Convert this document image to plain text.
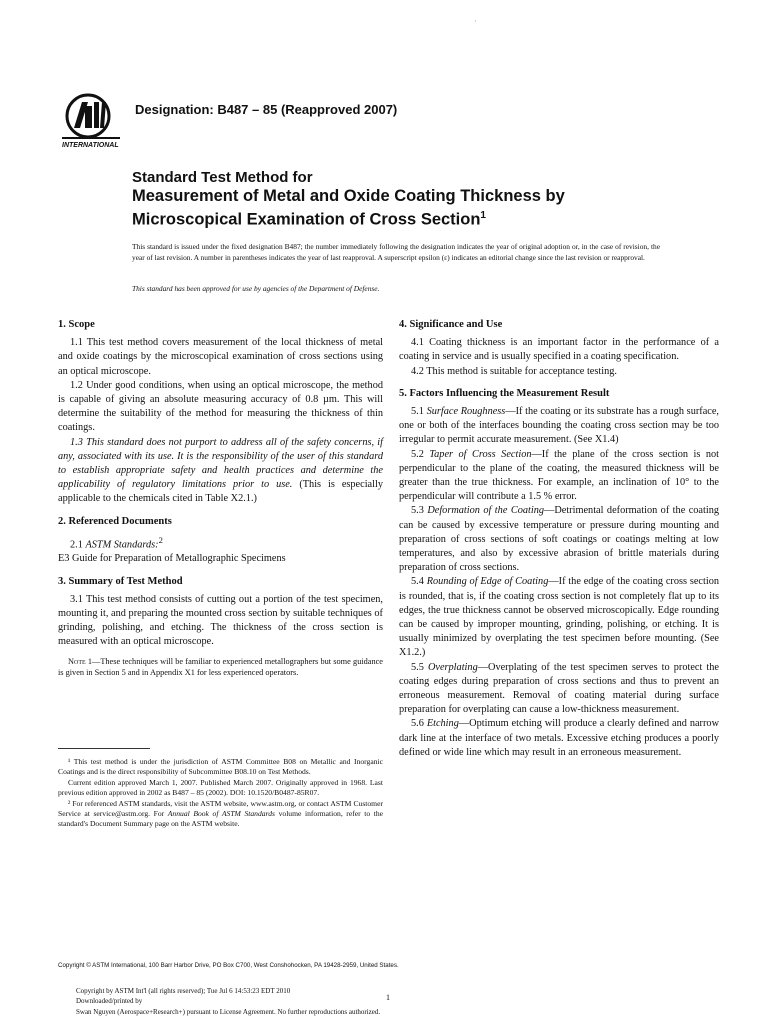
·
INTERNATIONAL
Designation: B487 – 85 (Reapproved 2007)
Standard Test Method for
Measurement of Metal and Oxide Coating Thickness by
Microscopical Examination of Cross Section$^1$
This standard is issued under the fixed designation B487; the number immediately following the designation indicates the year of original adoption or, in the case of revision, the year of last revision. A number in parentheses indicates the year of last reapproval. A superscript epsilon (ε) indicates an editorial change since the last revision or reapproval.
This standard has been approved for use by agencies of the Department of Defense.
1. Scope

1.1 This test method covers measurement of the local thickness of metal and oxide coatings by the microscopical examination of cross sections using an optical microscope.

1.2 Under good conditions, when using an optical microscope, the method is capable of giving an absolute measuring accuracy of 0.8 µm. This will determine the suitability of the method for measuring the thickness of thin coatings.

1.3 This standard does not purport to address all of the safety concerns, if any, associated with its use. It is the responsibility of the user of this standard to establish appropriate safety and health practices and determine the applicability of regulatory limitations prior to use. (This is especially applicable to the chemicals cited in Table X2.1.)

2. Referenced Documents

2.1 ASTM Standards:$^2$

E3 Guide for Preparation of Metallographic Specimens

3. Summary of Test Method

3.1 This test method consists of cutting out a portion of the test specimen, mounting it, and preparing the mounted cross section by suitable techniques of grinding, polishing, and etching. The thickness of the cross section is measured with an optical microscope.

Note 1—These techniques will be familiar to experienced metallographers but some guidance is given in Section 5 and in Appendix X1 for less experienced operators.

¹ This test method is under the jurisdiction of ASTM Committee B08 on Metallic and Inorganic Coatings and is the direct responsibility of Subcommittee B08.10 on Test Methods.

Current edition approved March 1, 2007. Published March 2007. Originally approved in 1968. Last previous edition approved in 2002 as B487 – 85 (2002). DOI: 10.1520/B0487-85R07.

² For referenced ASTM standards, visit the ASTM website, www.astm.org, or contact ASTM Customer Service at service@astm.org. For Annual Book of ASTM Standards volume information, refer to the standard's Document Summary page on the ASTM website.

4. Significance and Use

4.1 Coating thickness is an important factor in the performance of a coating in service and is usually specified in a coating specification.

4.2 This method is suitable for acceptance testing.

5. Factors Influencing the Measurement Result

5.1 Surface Roughness—If the coating or its substrate has a rough surface, one or both of the interfaces bounding the coating cross section may be too irregular to permit accurate measurement. (See X1.4)

5.2 Taper of Cross Section—If the plane of the cross section is not perpendicular to the plane of the coating, the measured thickness will be greater than the true thickness. For example, an inclination of 10° to the perpendicular will contribute a 1.5 % error.

5.3 Deformation of the Coating—Detrimental deformation of the coating can be caused by excessive temperature or pressure during mounting and preparation of cross sections of soft coatings or coatings melting at low temperatures, and also by excessive abrasion of brittle materials during preparation of cross sections.

5.4 Rounding of Edge of Coating—If the edge of the coating cross section is rounded, that is, if the coating cross section is not completely flat up to its edges, the true thickness cannot be observed microscopically. Edge rounding can be caused by improper mounting, grinding, polishing, or etching. It is usually minimized by overplating the test specimen before mounting. (See X1.2.)

5.5 Overplating—Overplating of the test specimen serves to protect the coating edges during preparation of cross sections and thus to prevent an erroneous measurement. Removal of coating material during surface preparation for overplating can cause a low-thickness measurement.

5.6 Etching—Optimum etching will produce a clearly defined and narrow dark line at the interface of two metals. Excessive etching produces a poorly defined or wide line which may result in an erroneous measurement.

Copyright © ASTM International, 100 Barr Harbor Drive, PO Box C700, West Conshohocken, PA 19428-2959, United States.
Copyright by ASTM Int'l (all rights reserved); Tue Jul 6 14:53:23 EDT 2010
Downloaded/printed by
Swan Nguyen (Aerospace+Research+) pursuant to License Agreement. No further reproductions authorized.
1
